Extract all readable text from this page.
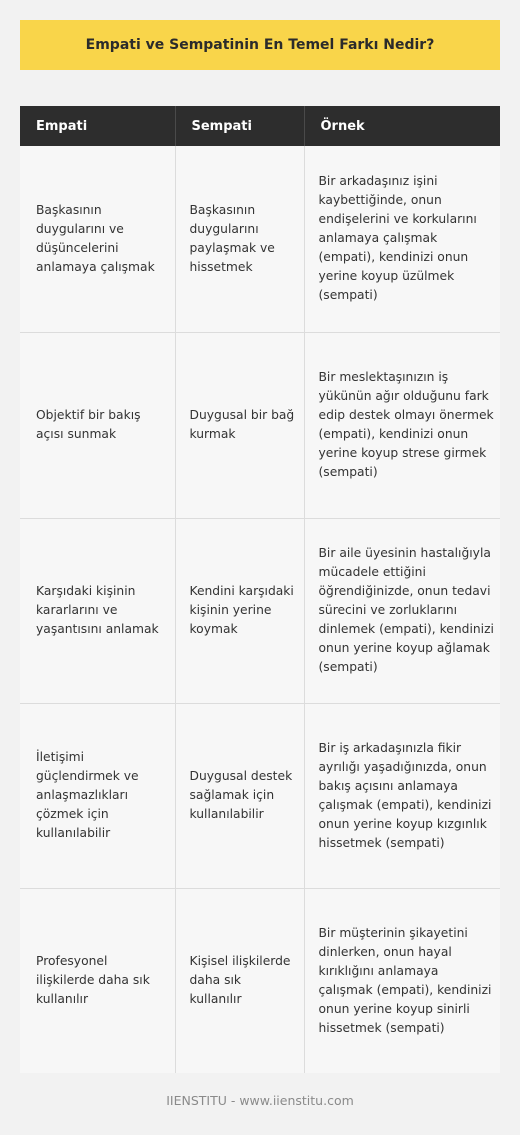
Empati ve Sempatinin En Temel Farkı Nedir?
Empati	Sempati	Örnek
Başkasının duygularını ve düşüncelerini anlamaya çalışmak	Başkasının duygularını paylaşmak ve hissetmek	Bir arkadaşınız işini kaybettiğinde, onun endişelerini ve korkularını anlamaya çalışmak (empati), kendinizi onun yerine koyup üzülmek (sempati)
Objektif bir bakış açısı sunmak	Duygusal bir bağ kurmak	Bir meslektaşınızın iş yükünün ağır olduğunu fark edip destek olmayı önermek (empati), kendinizi onun yerine koyup strese girmek (sempati)
Karşıdaki kişinin kararlarını ve yaşantısını anlamak	Kendini karşıdaki kişinin yerine koymak	Bir aile üyesinin hastalığıyla mücadele ettiğini öğrendiğinizde, onun tedavi sürecini ve zorluklarını dinlemek (empati), kendinizi onun yerine koyup ağlamak (sempati)
İletişimi güçlendirmek ve anlaşmazlıkları çözmek için kullanılabilir	Duygusal destek sağlamak için kullanılabilir	Bir iş arkadaşınızla fikir ayrılığı yaşadığınızda, onun bakış açısını anlamaya çalışmak (empati), kendinizi onun yerine koyup kızgınlık hissetmek (sempati)
Profesyonel ilişkilerde daha sık kullanılır	Kişisel ilişkilerde daha sık kullanılır	Bir müşterinin şikayetini dinlerken, onun hayal kırıklığını anlamaya çalışmak (empati), kendinizi onun yerine koyup sinirli hissetmek (sempati)
IIENSTITU - www.iienstitu.com
